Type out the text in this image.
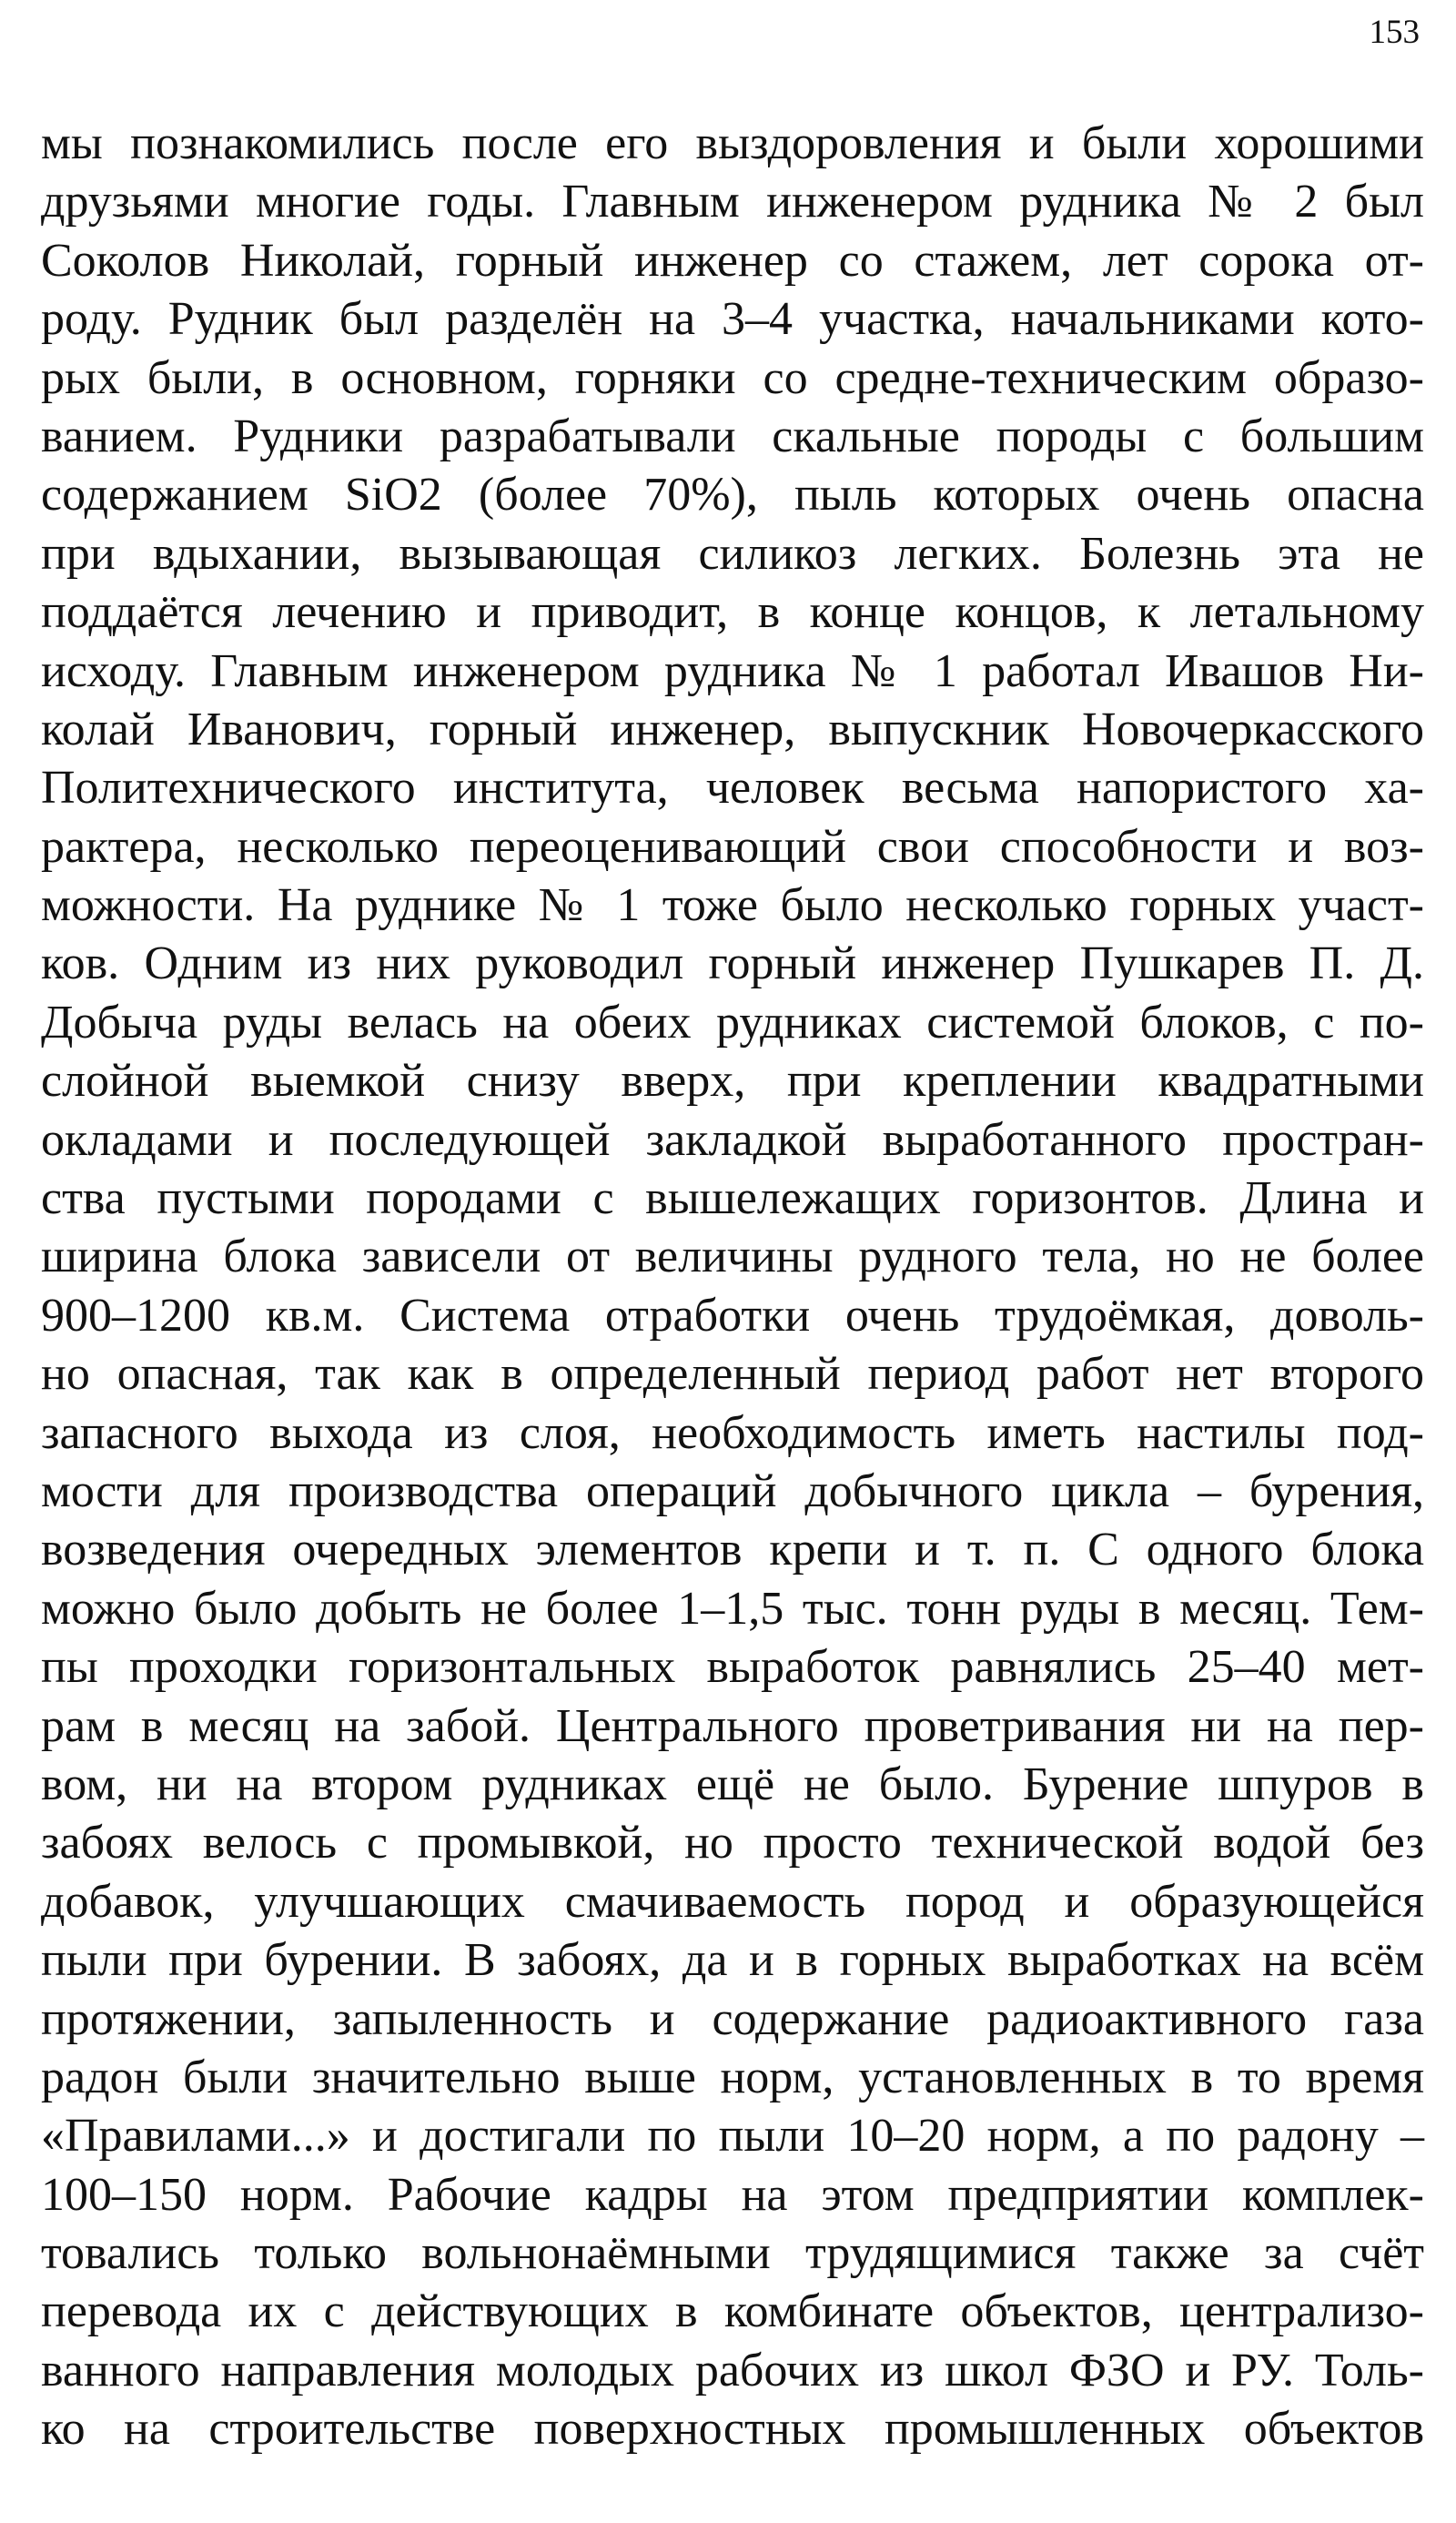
153
мы познакомились после его выздоровления и были хорошими
друзьями многие годы. Главным инженером рудника № 2 был
Соколов Николай, горный инженер со стажем, лет сорока от-
роду. Рудник был разделён на 3–4 участка, начальниками кото-
рых были, в основном, горняки со средне-техническим образо-
ванием. Рудники разрабатывали скальные породы с большим
содержанием SiO2 (более 70%), пыль которых очень опасна
при вдыхании, вызывающая силикоз легких. Болезнь эта не
поддаётся лечению и приводит, в конце концов, к летальному
исходу. Главным инженером рудника № 1 работал Ивашов Ни-
колай Иванович, горный инженер, выпускник Новочеркасского
Политехнического института, человек весьма напористого ха-
рактера, несколько переоценивающий свои способности и воз-
можности. На руднике № 1 тоже было несколько горных участ-
ков. Одним из них руководил горный инженер Пушкарев П. Д.
Добыча руды велась на обеих рудниках системой блоков, с по-
слойной выемкой снизу вверх, при креплении квадратными
окладами и последующей закладкой выработанного простран-
ства пустыми породами с вышележащих горизонтов. Длина и
ширина блока зависели от величины рудного тела, но не более
900–1200 кв.м. Система отработки очень трудоёмкая, доволь-
но опасная, так как в определенный период работ нет второго
запасного выхода из слоя, необходимость иметь настилы под-
мости для производства операций добычного цикла – бурения,
возведения очередных элементов крепи и т. п. С одного блока
можно было добыть не более 1–1,5 тыс. тонн руды в месяц. Тем-
пы проходки горизонтальных выработок равнялись 25–40 мет-
рам в месяц на забой. Центрального проветривания ни на пер-
вом, ни на втором рудниках ещё не было. Бурение шпуров в
забоях велось с промывкой, но просто технической водой без
добавок, улучшающих смачиваемость пород и образующейся
пыли при бурении. В забоях, да и в горных выработках на всём
протяжении, запыленность и содержание радиоактивного газа
радон были значительно выше норм, установленных в то время
«Правилами...» и достигали по пыли 10–20 норм, а по радону –
100–150 норм. Рабочие кадры на этом предприятии комплек-
товались только вольнонаёмными трудящимися также за счёт
перевода их с действующих в комбинате объектов, централизо-
ванного направления молодых рабочих из школ ФЗО и РУ. Толь-
ко на строительстве поверхностных промышленных объектов
